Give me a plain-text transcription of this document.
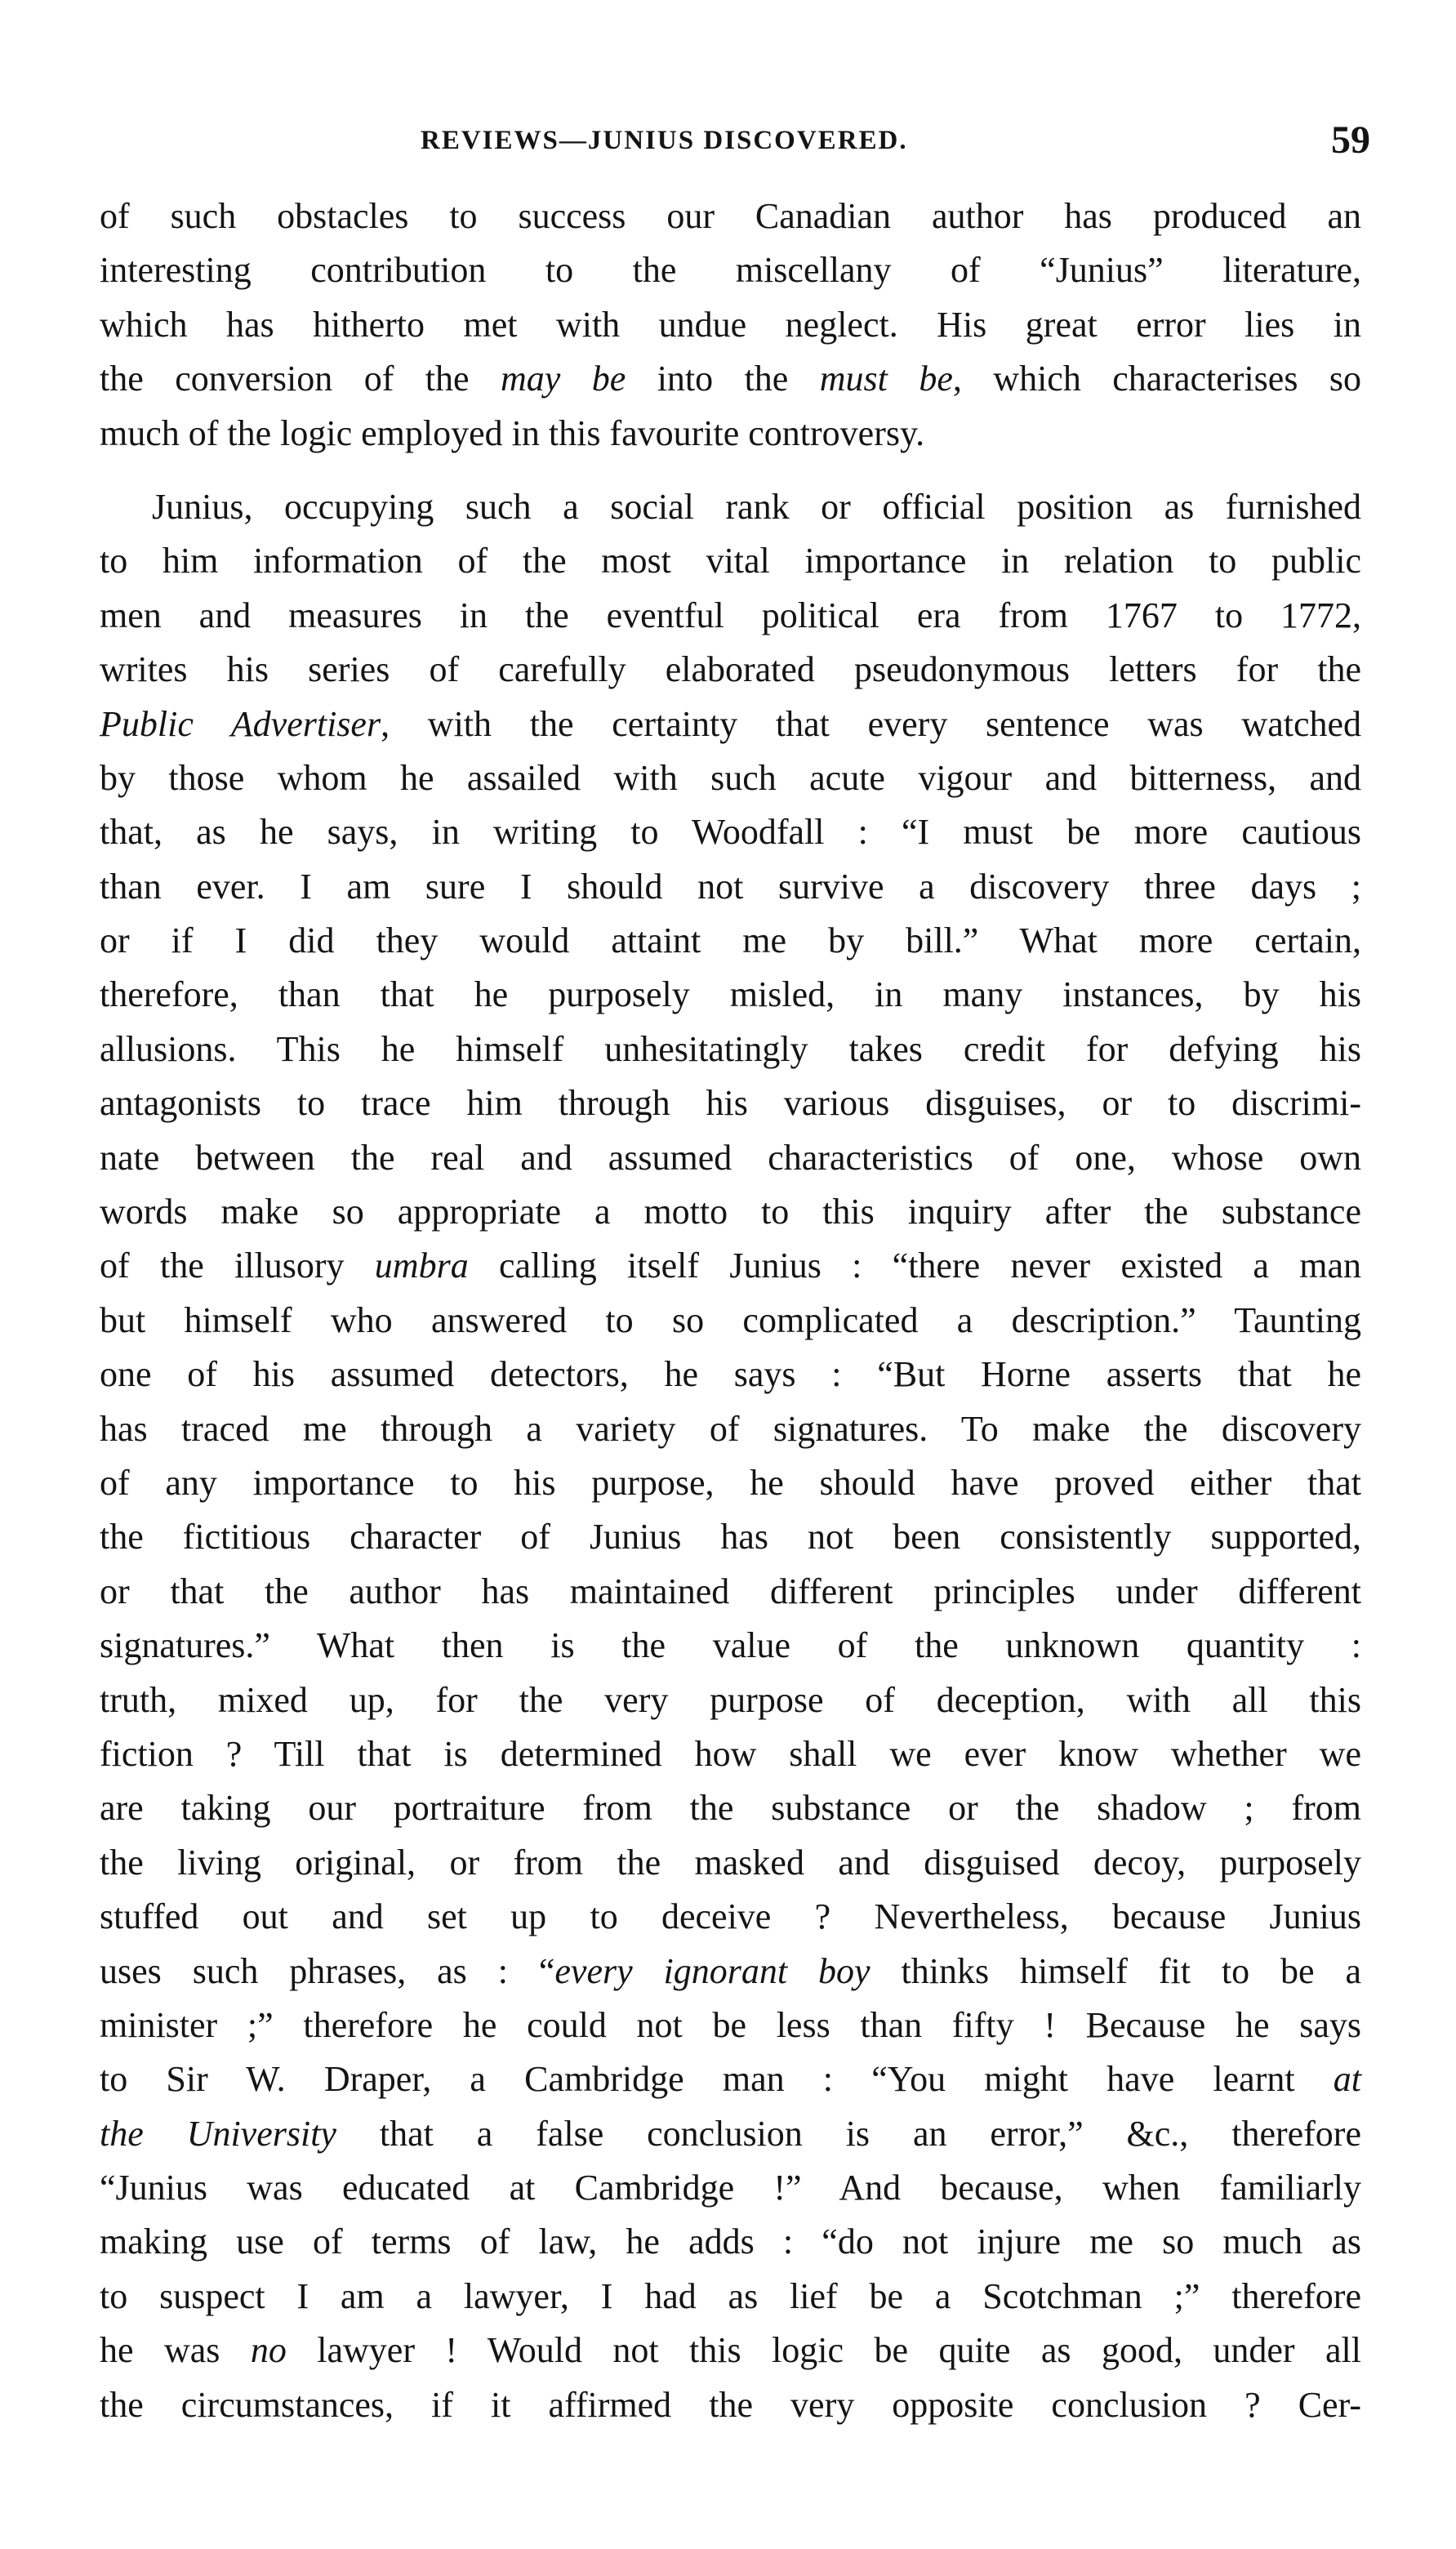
REVIEWS—JUNIUS DISCOVERED.	59
of such obstacles to success our Canadian author has produced an
interesting contribution to the miscellany of “Junius” literature,
which has hitherto met with undue neglect. His great error lies in
the conversion of the may be into the must be, which characterises so
much of the logic employed in this favourite controversy.
Junius, occupying such a social rank or official position as furnished
to him information of the most vital importance in relation to public
men and measures in the eventful political era from 1767 to 1772,
writes his series of carefully elaborated pseudonymous letters for the
Public Advertiser, with the certainty that every sentence was watched
by those whom he assailed with such acute vigour and bitterness, and
that, as he says, in writing to Woodfall : “I must be more cautious
than ever. I am sure I should not survive a discovery three days ;
or if I did they would attaint me by bill.” What more certain,
therefore, than that he purposely misled, in many instances, by his
allusions. This he himself unhesitatingly takes credit for defying his
antagonists to trace him through his various disguises, or to discrimi-
nate between the real and assumed characteristics of one, whose own
words make so appropriate a motto to this inquiry after the substance
of the illusory umbra calling itself Junius : “there never existed a man
but himself who answered to so complicated a description.” Taunting
one of his assumed detectors, he says : “But Horne asserts that he
has traced me through a variety of signatures. To make the discovery
of any importance to his purpose, he should have proved either that
the fictitious character of Junius has not been consistently supported,
or that the author has maintained different principles under different
signatures.” What then is the value of the unknown quantity :
truth, mixed up, for the very purpose of deception, with all this
fiction ? Till that is determined how shall we ever know whether we
are taking our portraiture from the substance or the shadow ; from
the living original, or from the masked and disguised decoy, purposely
stuffed out and set up to deceive ? Nevertheless, because Junius
uses such phrases, as : “every ignorant boy thinks himself fit to be a
minister ;” therefore he could not be less than fifty ! Because he says
to Sir W. Draper, a Cambridge man : “You might have learnt at
the University that a false conclusion is an error,” &c., therefore
“Junius was educated at Cambridge !” And because, when familiarly
making use of terms of law, he adds : “do not injure me so much as
to suspect I am a lawyer, I had as lief be a Scotchman ;” therefore
he was no lawyer ! Would not this logic be quite as good, under all
the circumstances, if it affirmed the very opposite conclusion ? Cer-
